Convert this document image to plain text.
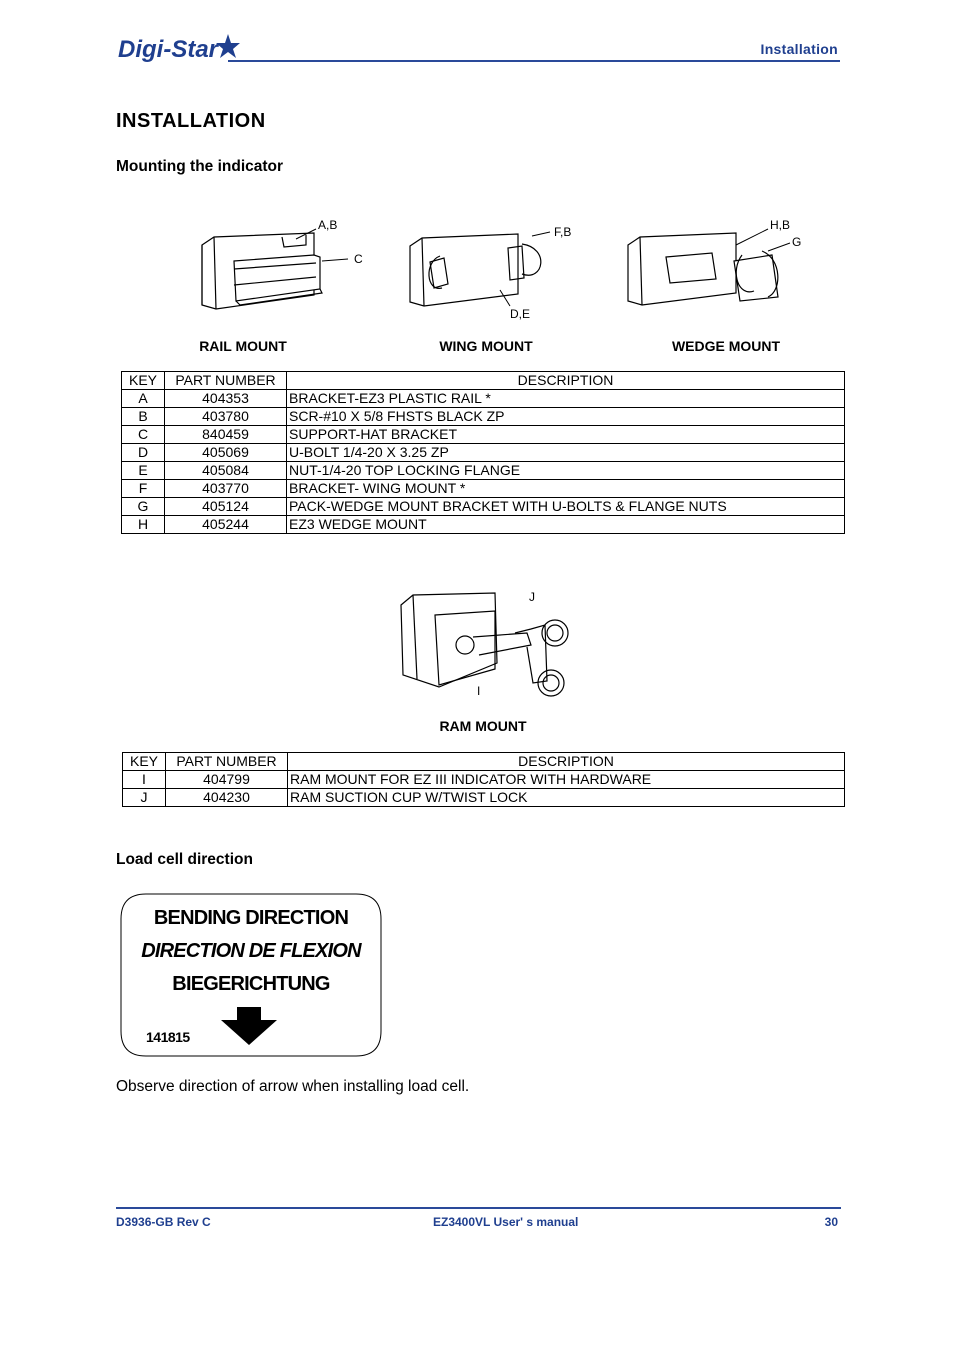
Digi-Star	Installation
INSTALLATION
Mounting the indicator
A,B
C
F,B
D,E
H,B
G
RAIL MOUNT	WING MOUNT	WEDGE MOUNT
KEY	PART NUMBER	DESCRIPTION
A	404353	BRACKET-EZ3 PLASTIC RAIL *
B	403780	SCR-#10 X 5/8 FHSTS BLACK ZP
C	840459	SUPPORT-HAT BRACKET
D	405069	U-BOLT 1/4-20 X 3.25 ZP
E	405084	NUT-1/4-20 TOP LOCKING FLANGE
F	403770	BRACKET- WING MOUNT *
G	405124	PACK-WEDGE MOUNT BRACKET WITH U-BOLTS & FLANGE NUTS
H	405244	EZ3 WEDGE MOUNT
J
I
RAM MOUNT
KEY	PART NUMBER	DESCRIPTION
I	404799	RAM MOUNT FOR EZ III INDICATOR WITH HARDWARE
J	404230	RAM SUCTION CUP W/TWIST LOCK
Load cell direction
BENDING DIRECTION
DIRECTION DE FLEXION
BIEGERICHTUNG
141815
Observe direction of arrow when installing load cell.
D3936-GB Rev C	EZ3400VL User' s manual	30
